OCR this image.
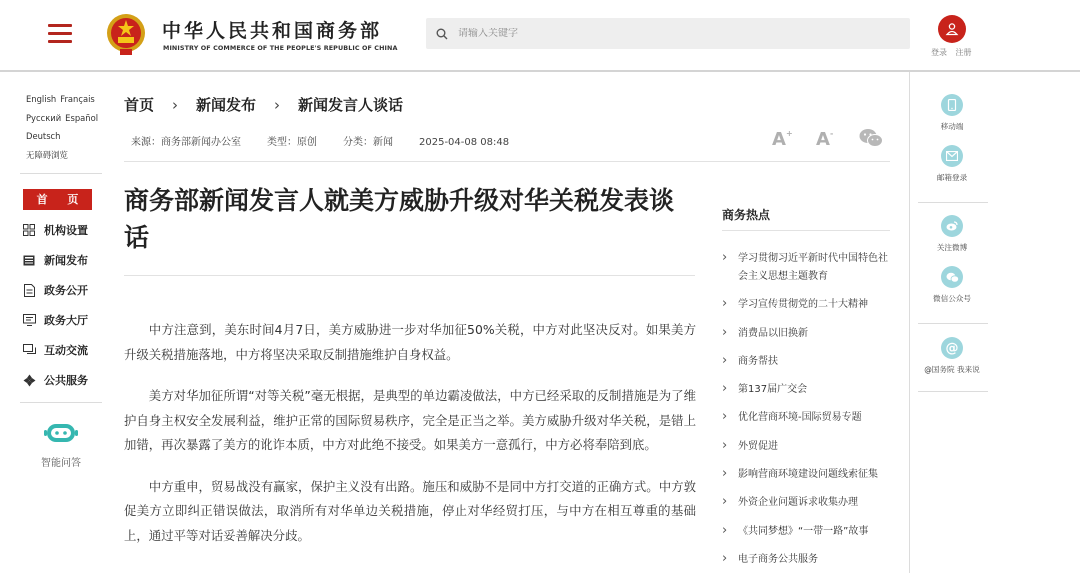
中华人民共和国商务部
MINISTRY OF COMMERCE OF THE PEOPLE'S REPUBLIC OF CHINA
请输入关键字	登录 注册
English Français
Русский Español
Deutsch
无障碍浏览
首 页
机构设置
新闻发布
政务公开
政务大厅
互动交流
公共服务
智能问答
首页 › 新闻发布 › 新闻发言人谈话
来源：商务部新闻办公室	类型：原创	分类：新闻	2025-04-08 08:48	A+ A-
商务部新闻发言人就美方威胁升级对华关税发表谈话

中方注意到，美东时间4月7日，美方威胁进一步对华加征50%关税，中方对此坚决反对。如果美方升级关税措施落地，中方将坚决采取反制措施维护自身权益。

美方对华加征所谓“对等关税”毫无根据，是典型的单边霸凌做法，中方已经采取的反制措施是为了维护自身主权安全发展利益，维护正常的国际贸易秩序，完全是正当之举。美方威胁升级对华关税，是错上加错，再次暴露了美方的讹诈本质，中方对此绝不接受。如果美方一意孤行，中方必将奉陪到底。

中方重申，贸易战没有赢家，保护主义没有出路。施压和威胁不是同中方打交道的正确方式。中方敦促美方立即纠正错误做法，取消所有对华单边关税措施，停止对华经贸打压，与中方在相互尊重的基础上，通过平等对话妥善解决分歧。

商务热点
› 学习贯彻习近平新时代中国特色社会主义思想主题教育
› 学习宣传贯彻党的二十大精神
› 消费品以旧换新
› 商务帮扶
› 第137届广交会
› 优化营商环境-国际贸易专题
› 外贸促进
› 影响营商环境建设问题线索征集
› 外资企业问题诉求收集办理
› 《共同梦想》“一带一路”故事
› 电子商务公共服务
移动端
邮箱登录
关注微博
微信公众号
@
@国务院 我来说
